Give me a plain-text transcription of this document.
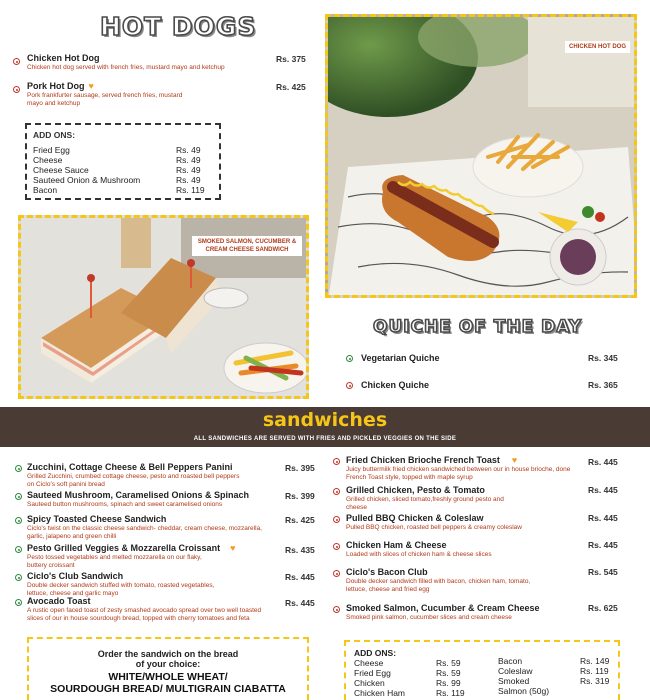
HOT DOGS
Chicken Hot Dog
Chicken hot dog served with french fries, mustard mayo and ketchup
Rs. 375
Pork Hot Dog ♥
Pork frankfurter sausage, served french fries, mustard mayo and ketchup
Rs. 425
ADD ONS:
Fried Egg	Rs. 49
Cheese	Rs. 49
Cheese Sauce	Rs. 49
Sauteed Onion & Mushroom	Rs. 49
Bacon	Rs. 119
CHICKEN HOT DOG
SMOKED SALMON, CUCUMBER & CREAM CHEESE SANDWICH
QUICHE OF THE DAY
Vegetarian Quiche	Rs. 345
Chicken Quiche	Rs. 365
sandwiches
ALL SANDWICHES ARE SERVED WITH FRIES AND PICKLED VEGGIES ON THE SIDE
Zucchini, Cottage Cheese & Bell Peppers Panini
Grilled Zucchini, crumbed cottage cheese, pesto and roasted bell peppers on Ciclo's soft panini bread
Rs. 395
Sauteed Mushroom, Caramelised Onions & Spinach
Sauteed button mushrooms, spinach and sweet caramelised onions
Rs. 399
Spicy Toasted Cheese Sandwich
Ciclo's twist on the classic cheese sandwich- cheddar, cream cheese, mozzarella, garlic, jalapeno and green chilli
Rs. 425
Pesto Grilled Veggies & Mozzarella Croissant ♥
Pesto tossed vegetables and melted mozzarella on our flaky, buttery croissant
Rs. 435
Ciclo's Club Sandwich
Double decker sandwich stuffed with tomato, roasted vegetables, lettuce, cheese and garlic mayo
Rs. 445
Avocado Toast
A rustic open faced toast of zesty smashed avocado spread over two well toasted slices of our in house sourdough bread, topped with cherry tomatoes and feta
Rs. 445
Order the sandwich on the bread
of your choice:
WHITE/WHOLE WHEAT/
SOURDOUGH BREAD/ MULTIGRAIN CIABATTA
Fried Chicken Brioche French Toast ♥
Juicy buttermilk fried chicken sandwiched between our in house brioche, done French Toast style, topped with maple syrup
Rs. 445
Grilled Chicken, Pesto & Tomato
Grilled chicken, sliced tomato,freshly ground pesto and cheese
Rs. 445
Pulled BBQ Chicken & Coleslaw
Pulled BBQ chicken, roasted bell peppers & creamy coleslaw
Rs. 445
Chicken Ham & Cheese
Loaded with slices of chicken ham & cheese slices
Rs. 445
Ciclo's Bacon Club
Double decker sandwich filled with bacon, chicken ham, tomato, lettuce, cheese and fried egg
Rs. 545
Smoked Salmon, Cucumber & Cream Cheese
Smoked pink salmon, cucumber slices and cream cheese
Rs. 625
ADD ONS:
Cheese	Rs. 59
Fried Egg	Rs. 59
Chicken	Rs. 99
Chicken Ham	Rs. 119
Bacon	Rs. 149
Coleslaw	Rs. 119
Smoked	Rs. 319
Salmon (50g)
